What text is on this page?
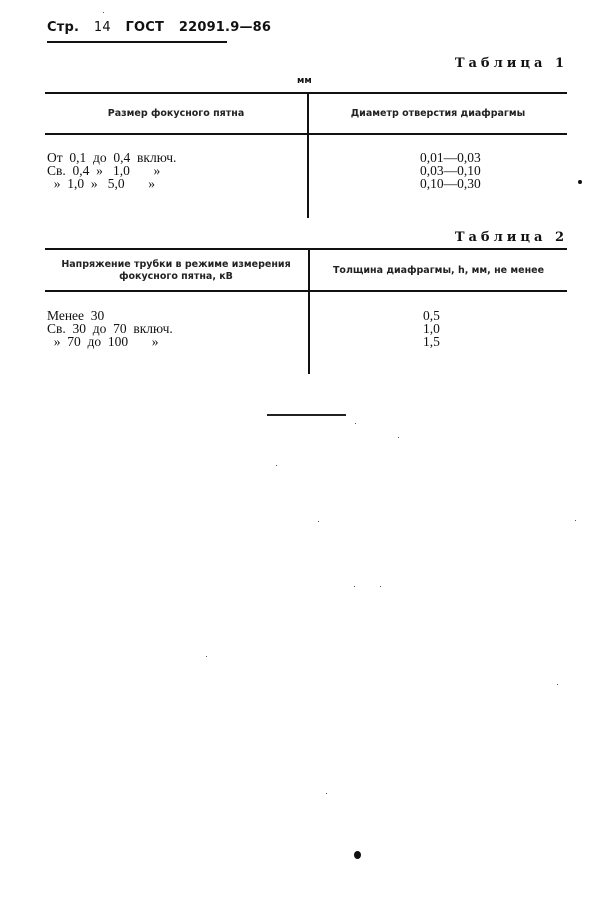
Стр. 14 ГОСТ 22091.9—86
Таблица 1
мм
Размер фокусного пятна	Диаметр отверстия диафрагмы
От  0,1  до  0,4  включ.
Св.  0,4  »   1,0       »
»  1,0  »   5,0       »
0,01—0,03
0,03—0,10
0,10—0,30
Таблица 2
Напряжение трубки в режиме измерения фокусного пятна, кВ
Толщина диафрагмы, h, мм, не менее
Менее  30
Св.  30  до  70  включ.
»  70  до  100       »
0,5
1,0
1,5
